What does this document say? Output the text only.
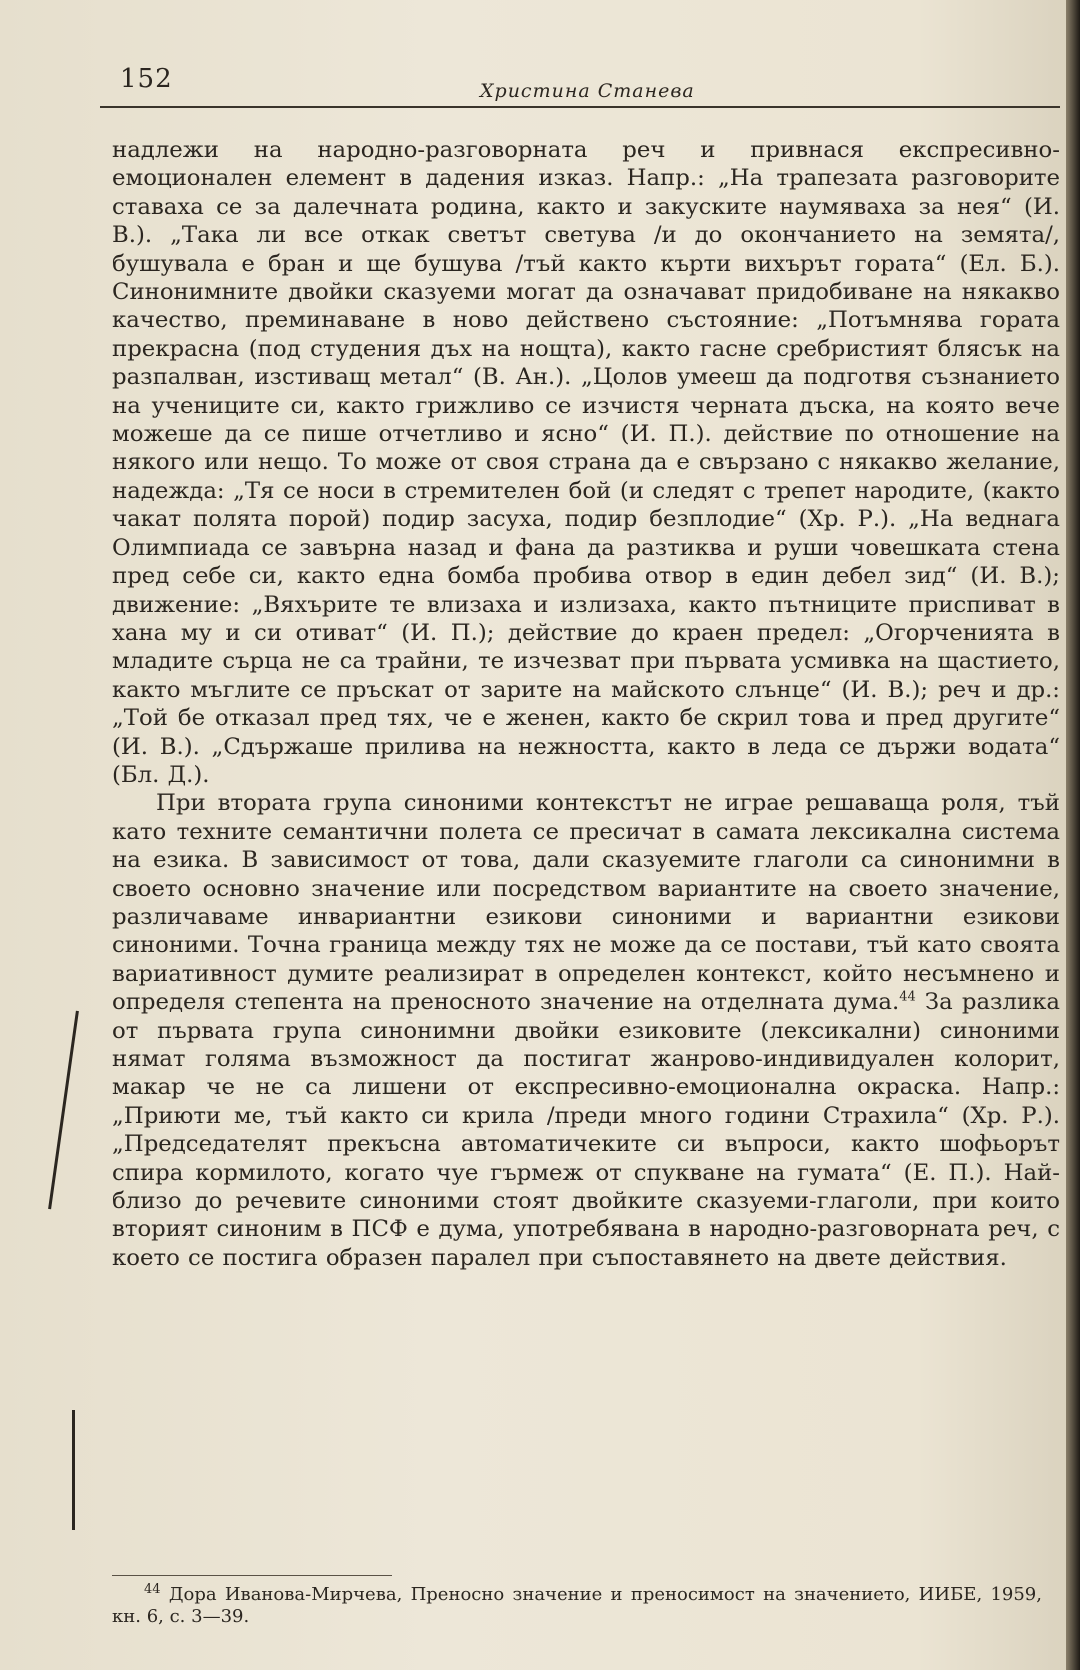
152	Христина Станева

надлежи на народно-разговорната реч и привнася експресивно-емоционален елемент в дадения изказ. Напр.: „На трапезата разговорите ставаха се за далечната родина, както и закуските наумяваха за нея“ (И. В.). „Така ли все откак светът светува /и до окончанието на земята/, бушувала е бран и ще бушува /тъй както кърти вихърът гората“ (Ел. Б.). Синонимните двойки сказуеми могат да означават придобиване на някакво качество, преминаване в ново действено състояние: „Потъмнява гората прекрасна (под студения дъх на нощта), както гасне сребристият блясък на разпалван, изстиващ метал“ (В. Ан.). „Цолов умееш да подготвя съзнанието на учениците си, както грижливо се изчистя черната дъска, на която вече можеше да се пише отчетливо и ясно“ (И. П.). действие по отношение на някого или нещо. То може от своя страна да е свързано с някакво желание, надежда: „Тя се носи в стремителен бой (и следят с трепет народите, (както чакат полята порой) подир засуха, подир безплодие“ (Хр. Р.). „На веднага Олимпиада се завърна назад и фана да разтиква и руши човешката стена пред себе си, както една бомба пробива отвор в един дебел зид“ (И. В.); движение: „Вяхърите те влизаха и излизаха, както пътниците приспиват в хана му и си отиват“ (И. П.); действие до краен предел: „Огорченията в младите сърца не са трайни, те изчезват при първата усмивка на щастието, както мъглите се пръскат от зарите на майското слънце“ (И. В.); реч и др.: „Той бе отказал пред тях, че е женен, както бе скрил това и пред другите“ (И. В.). „Сдържаше прилива на нежността, както в леда се държи водата“ (Бл. Д.).

При втората група синоними контекстът не играе решаваща роля, тъй като техните семантични полета се пресичат в самата лексикална система на езика. В зависимост от това, дали сказуемите глаголи са синонимни в своето основно значение или посредством вариантите на своето значение, различаваме инвариантни езикови синоними и вариантни езикови синоними. Точна граница между тях не може да се постави, тъй като своята вариативност думите реализират в определен контекст, който несъмнено и определя степента на преносното значение на отделната дума.$^{44}$ За разлика от първата група синонимни двойки езиковите (лексикални) синоними нямат голяма възможност да постигат жанрово-индивидуален колорит, макар че не са лишени от експресивно-емоционална окраска. Напр.: „Приюти ме, тъй както си крила /преди много години Страхила“ (Хр. Р.). „Председателят прекъсна автоматичеките си въпроси, както шофьорът спира кормилото, когато чуе гърмеж от спукване на гумата“ (Е. П.). Най-близо до речевите синоними стоят двойките сказуеми-глаголи, при които вторият синоним в ПСФ е дума, употребявана в народно-разговорната реч, с което се постига образен паралел при съпоставянето на двете действия.

$^{44}$ Дора Иванова-Мирчева, Преносно значение и преносимост на значението, ИИБЕ, 1959, кн. 6, с. 3—39.
